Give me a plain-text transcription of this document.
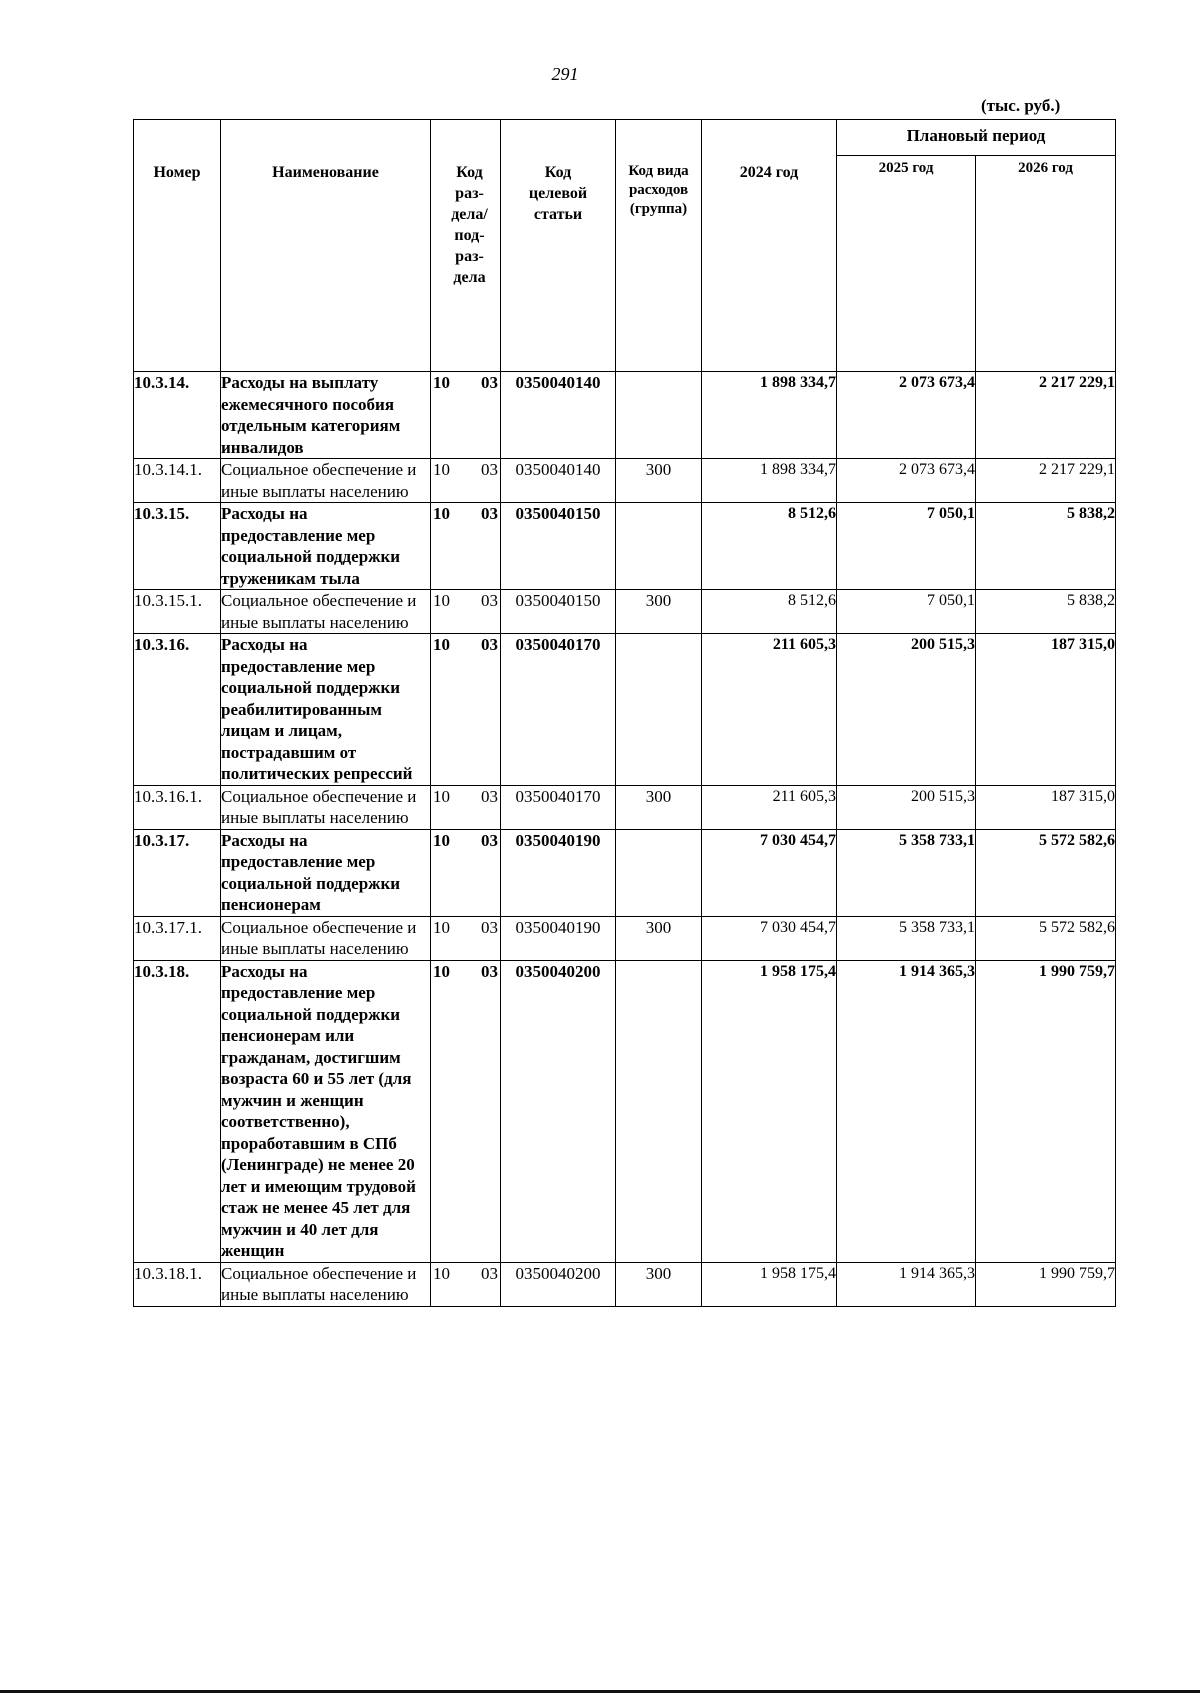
291
(тыс. руб.)
Номер	Наименование	Код раз- дела/ под- раз- дела	Код целевой статьи	Код вида расходов (группа)	2024 год	Плановый период	
						2025 год	2026 год
10.3.14.	Расходы на выплату ежемесячного пособия отдельным категориям инвалидов	10 03	0350040140		1 898 334,7	2 073 673,4	2 217 229,1
10.3.14.1.	Социальное обеспечение и иные выплаты населению	10 03	0350040140	300	1 898 334,7	2 073 673,4	2 217 229,1
10.3.15.	Расходы на предоставление мер социальной поддержки труженикам тыла	10 03	0350040150		8 512,6	7 050,1	5 838,2
10.3.15.1.	Социальное обеспечение и иные выплаты населению	10 03	0350040150	300	8 512,6	7 050,1	5 838,2
10.3.16.	Расходы на предоставление мер социальной поддержки реабилитированным лицам и лицам, пострадавшим от политических репрессий	10 03	0350040170		211 605,3	200 515,3	187 315,0
10.3.16.1.	Социальное обеспечение и иные выплаты населению	10 03	0350040170	300	211 605,3	200 515,3	187 315,0
10.3.17.	Расходы на предоставление мер социальной поддержки пенсионерам	10 03	0350040190		7 030 454,7	5 358 733,1	5 572 582,6
10.3.17.1.	Социальное обеспечение и иные выплаты населению	10 03	0350040190	300	7 030 454,7	5 358 733,1	5 572 582,6
10.3.18.	Расходы на предоставление мер социальной поддержки пенсионерам или гражданам, достигшим возраста 60 и 55 лет (для мужчин и женщин соответственно), проработавшим в СПб (Ленинграде) не менее 20 лет и имеющим трудовой стаж не менее 45 лет для мужчин и 40 лет для женщин	10 03	0350040200		1 958 175,4	1 914 365,3	1 990 759,7
10.3.18.1.	Социальное обеспечение и иные выплаты населению	10 03	0350040200	300	1 958 175,4	1 914 365,3	1 990 759,7
